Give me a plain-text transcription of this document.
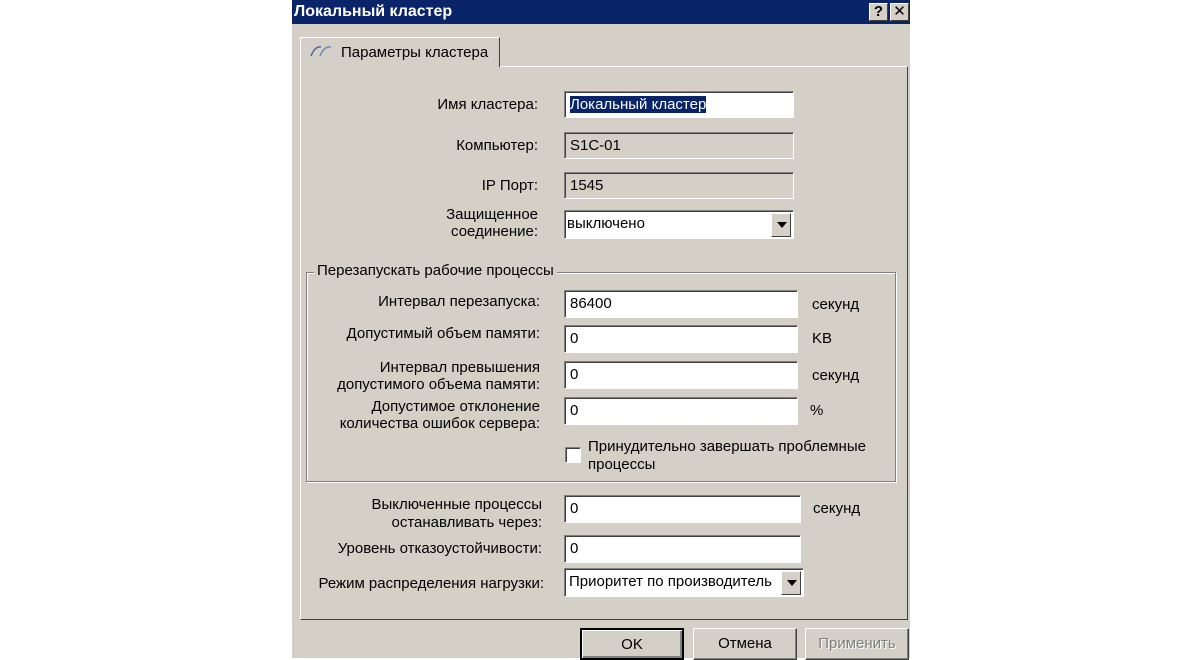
Локальный кластер	? ✕
Параметры кластера
Имя кластера:	Локальный кластер
Компьютер:	S1C-01
IP Порт:	1545
Защищенное
соединение: выключено
Перезапускать рабочие процессы
Интервал перезапуска:	86400	секунд
Допустимый объем памяти:	0	KB
Интервал превышения
допустимого объема памяти:
0	секунд
Допустимое отклонение
количества ошибок сервера:
0	%
Принудительно завершать проблемные
процессы
Выключенные процессы
останавливать через:
0	секунд
Уровень отказоустойчивости:	0
Режим распределения нагрузки:	Приоритет по производитель
OK	Отмена	Применить
